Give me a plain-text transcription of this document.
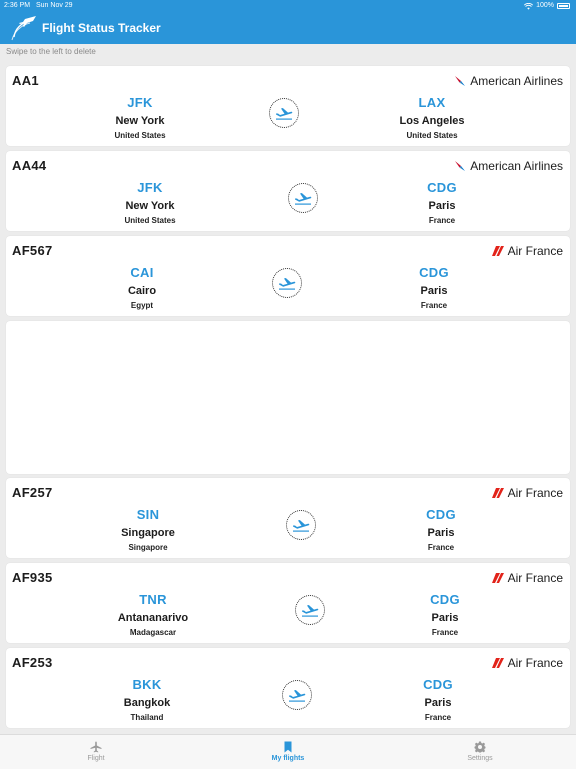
2:36 PM Sun Nov 29	100%
Flight Status Tracker
Swipe to the left to delete
AA1	American Airlines
JFK
New York
United States
LAX
Los Angeles
United States
AA44	American Airlines
JFK
New York
United States
CDG
Paris
France
AF567	Air France
CAI
Cairo
Egypt
CDG
Paris
France
AF257	Air France
SIN
Singapore
Singapore
CDG
Paris
France
AF935	Air France
TNR
Antananarivo
Madagascar
CDG
Paris
France
AF253	Air France
BKK
Bangkok
Thailand
CDG
Paris
France
Flight	My flights	Settings
